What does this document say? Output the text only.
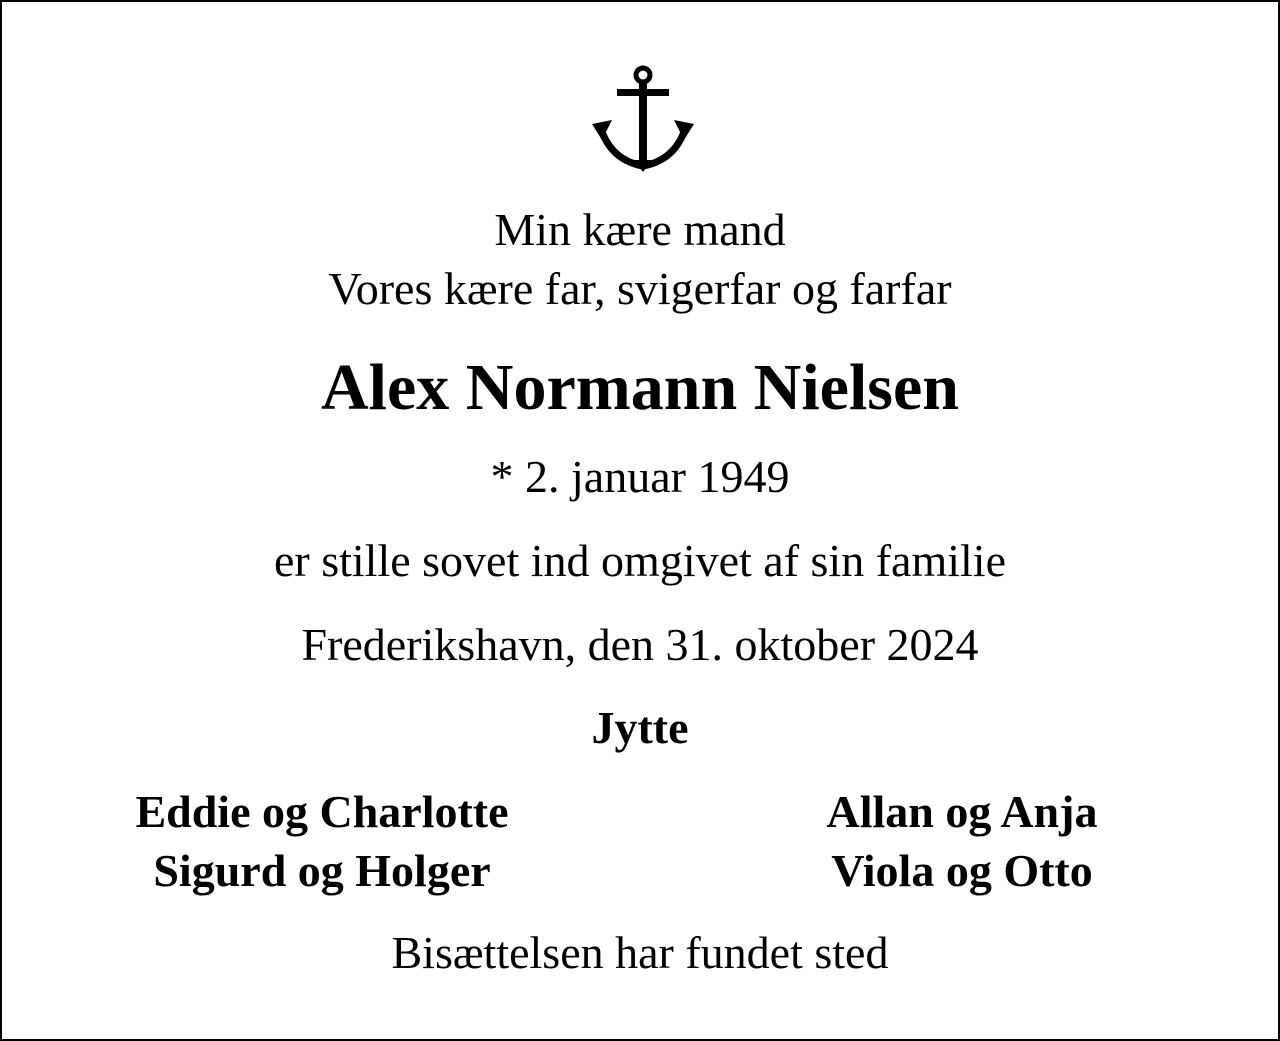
Min kære mand
Vores kære far, svigerfar og farfar
Alex Normann Nielsen
* 2. januar 1949
er stille sovet ind omgivet af sin familie
Frederikshavn, den 31. oktober 2024
Jytte
Eddie og Charlotte
Sigurd og Holger
Allan og Anja
Viola og Otto
Bisættelsen har fundet sted
